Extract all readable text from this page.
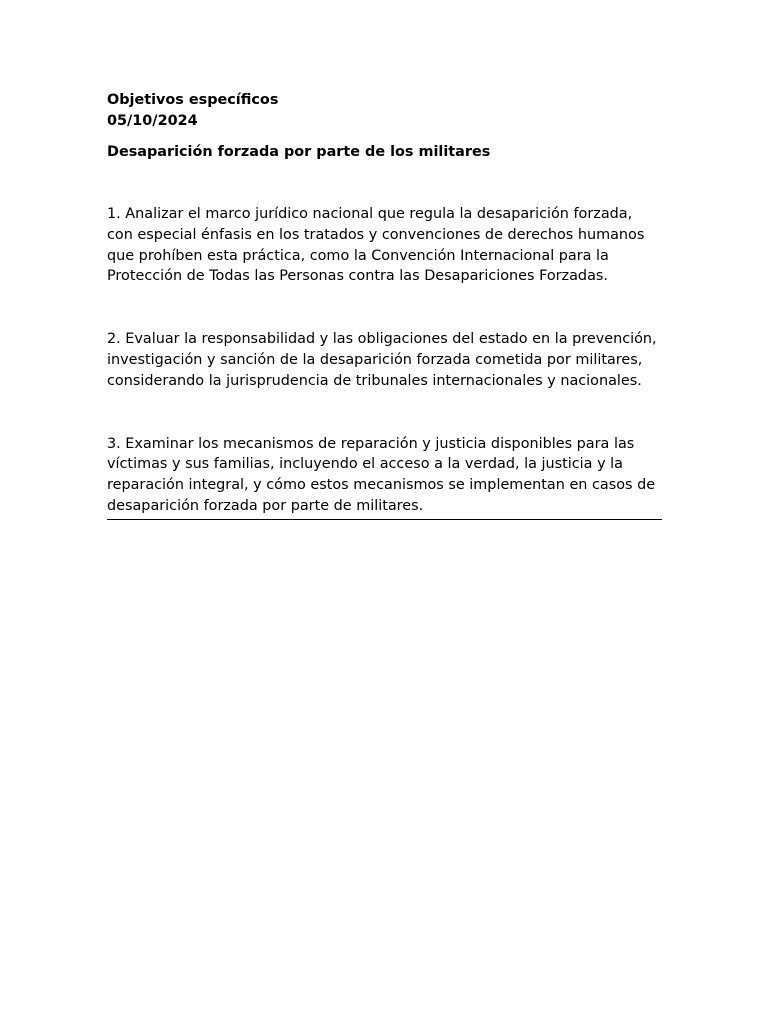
Objetivos específicos

05/10/2024

Desaparición forzada por parte de los militares

1. Analizar el marco jurídico nacional que regula la desaparición forzada, con especial énfasis en los tratados y convenciones de derechos humanos que prohíben esta práctica, como la Convención Internacional para la Protección de Todas las Personas contra las Desapariciones Forzadas.

2. Evaluar la responsabilidad y las obligaciones del estado en la prevención, investigación y sanción de la desaparición forzada cometida por militares, considerando la jurisprudencia de tribunales internacionales y nacionales.

3. Examinar los mecanismos de reparación y justicia disponibles para las víctimas y sus familias, incluyendo el acceso a la verdad, la justicia y la reparación integral, y cómo estos mecanismos se implementan en casos de desaparición forzada por parte de militares.
